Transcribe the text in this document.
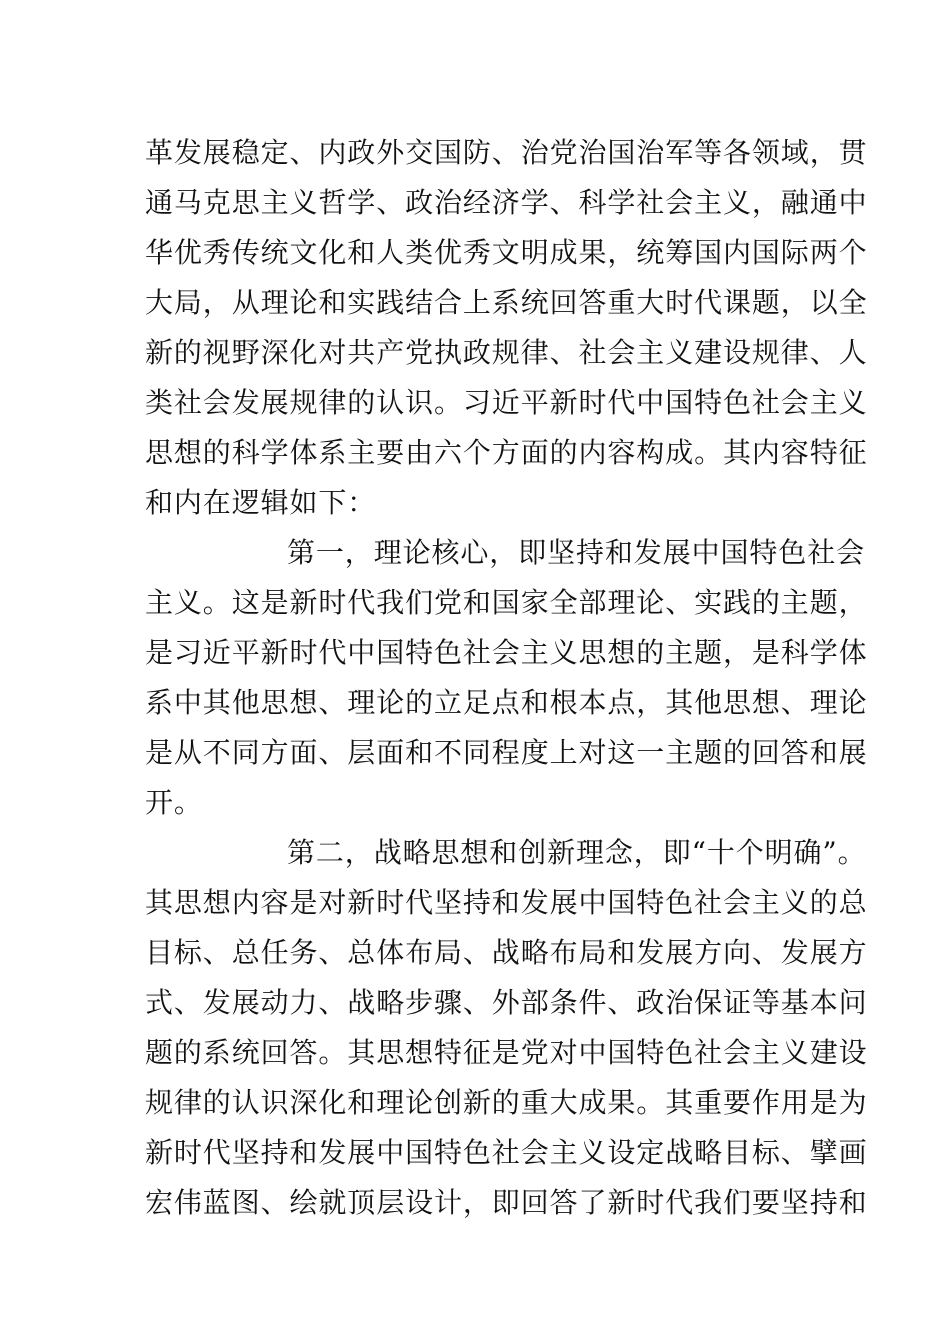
革发展稳定、内政外交国防、治党治国治军等各领域，贯
通马克思主义哲学、政治经济学、科学社会主义，融通中
华优秀传统文化和人类优秀文明成果，统筹国内国际两个
大局，从理论和实践结合上系统回答重大时代课题，以全
新的视野深化对共产党执政规律、社会主义建设规律、人
类社会发展规律的认识。习近平新时代中国特色社会主义
思想的科学体系主要由六个方面的内容构成。其内容特征
和内在逻辑如下：
第一，理论核心，即坚持和发展中国特色社会
主义。这是新时代我们党和国家全部理论、实践的主题，
是习近平新时代中国特色社会主义思想的主题，是科学体
系中其他思想、理论的立足点和根本点，其他思想、理论
是从不同方面、层面和不同程度上对这一主题的回答和展
开。
第二，战略思想和创新理念，即“十个明确”。
其思想内容是对新时代坚持和发展中国特色社会主义的总
目标、总任务、总体布局、战略布局和发展方向、发展方
式、发展动力、战略步骤、外部条件、政治保证等基本问
题的系统回答。其思想特征是党对中国特色社会主义建设
规律的认识深化和理论创新的重大成果。其重要作用是为
新时代坚持和发展中国特色社会主义设定战略目标、擘画
宏伟蓝图、绘就顶层设计，即回答了新时代我们要坚持和
